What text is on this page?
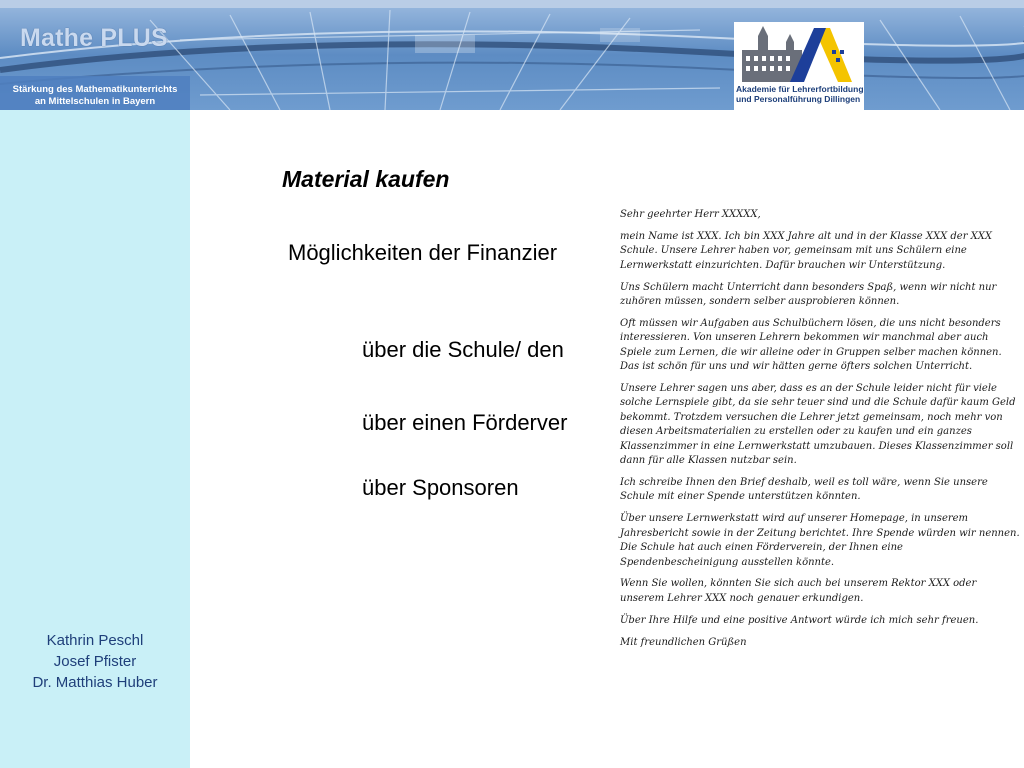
Mathe PLUS
Stärkung des Mathematikunterrichts
an Mittelschulen in Bayern
Akademie für Lehrerfortbildung
und Personalführung Dillingen
Kathrin Peschl
Josef Pfister
Dr. Matthias Huber
Material kaufen
Möglichkeiten der Finanzier
über die Schule/ den
über einen Förderver
über Sponsoren

Sehr geehrter Herr XXXXX,

mein Name ist XXX. Ich bin XXX Jahre alt und in der Klasse XXX der XXX Schule. Unsere Lehrer haben vor, gemeinsam mit uns Schülern eine Lernwerkstatt einzurichten. Dafür brauchen wir Unterstützung.

Uns Schülern macht Unterricht dann besonders Spaß, wenn wir nicht nur zuhören müssen, sondern selber ausprobieren können.

Oft müssen wir Aufgaben aus Schulbüchern lösen, die uns nicht besonders interessieren. Von unseren Lehrern bekommen wir manchmal aber auch Spiele zum Lernen, die wir alleine oder in Gruppen selber machen können. Das ist schön für uns und wir hätten gerne öfters solchen Unterricht.

Unsere Lehrer sagen uns aber, dass es an der Schule leider nicht für viele solche Lernspiele gibt, da sie sehr teuer sind und die Schule dafür kaum Geld bekommt. Trotzdem versuchen die Lehrer jetzt gemeinsam, noch mehr von diesen Arbeitsmaterialien zu erstellen oder zu kaufen und ein ganzes Klassenzimmer in eine Lernwerkstatt umzubauen. Dieses Klassenzimmer soll dann für alle Klassen nutzbar sein.

Ich schreibe Ihnen den Brief deshalb, weil es toll wäre, wenn Sie unsere Schule mit einer Spende unterstützen könnten.

Über unsere Lernwerkstatt wird auf unserer Homepage, in unserem Jahresbericht sowie in der Zeitung berichtet. Ihre Spende würden wir nennen. Die Schule hat auch einen Förderverein, der Ihnen eine Spendenbescheinigung ausstellen könnte.

Wenn Sie wollen, könnten Sie sich auch bei unserem Rektor XXX oder unserem Lehrer XXX noch genauer erkundigen.

Über Ihre Hilfe und eine positive Antwort würde ich mich sehr freuen.

Mit freundlichen Grüßen
